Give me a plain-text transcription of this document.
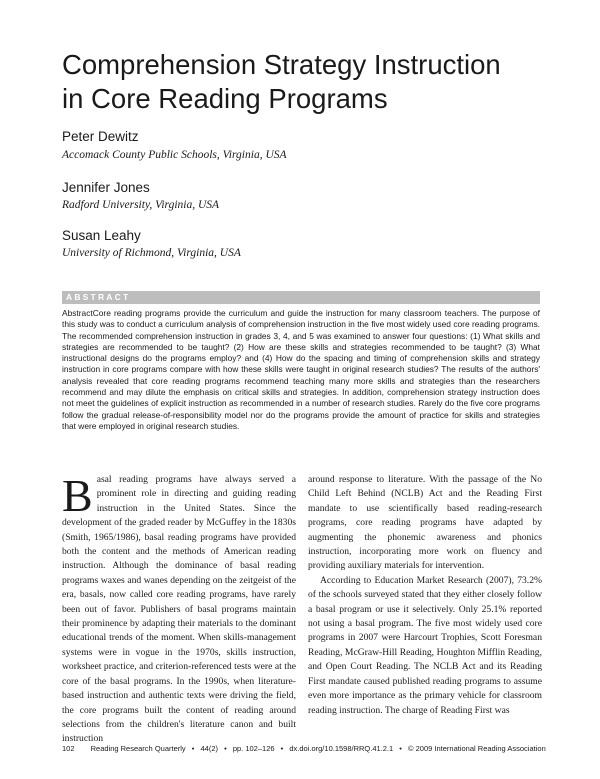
Comprehension Strategy Instruction
in Core Reading Programs
Peter Dewitz
Accomack County Public Schools, Virginia, USA
Jennifer Jones
Radford University, Virginia, USA
Susan Leahy
University of Richmond, Virginia, USA
ABSTRACT

AbstractCore reading programs provide the curriculum and guide the instruction for many classroom teachers. The purpose of this study was to conduct a curriculum analysis of comprehension instruction in the five most widely used core reading programs. The recommended comprehension instruction in grades 3, 4, and 5 was examined to answer four questions: (1) What skills and strategies are recommended to be taught? (2) How are these skills and strategies recommended to be taught? (3) What instructional designs do the programs employ? and (4) How do the spacing and timing of comprehension skills and strategy instruction in core programs compare with how these skills were taught in original research studies? The results of the authors' analysis revealed that core reading programs recommend teaching many more skills and strategies than the researchers recommend and may dilute the emphasis on critical skills and strategies. In addition, comprehension strategy instruction does not meet the guidelines of explicit instruction as recommended in a number of research studies. Rarely do the five core programs follow the gradual release-of-responsibility model nor do the programs provide the amount of practice for skills and strategies that were employed in original research studies.

Basal reading programs have always served a prominent role in directing and guiding reading instruction in the United States. Since the development of the graded reader by McGuffey in the 1830s (Smith, 1965/1986), basal reading programs have provided both the content and the methods of American reading instruction. Although the dominance of basal reading programs waxes and wanes depending on the zeitgeist of the era, basals, now called core reading programs, have rarely been out of favor. Publishers of basal programs maintain their prominence by adapting their materials to the dominant educational trends of the moment. When skills-management systems were in vogue in the 1970s, skills instruction, worksheet practice, and criterion-referenced tests were at the core of the basal programs. In the 1990s, when literature-based instruction and authentic texts were driving the field, the core programs built the content of reading around selections from the children's literature canon and built instruction
around response to literature. With the passage of the No Child Left Behind (NCLB) Act and the Reading First mandate to use scientifically based reading-research programs, core reading programs have adapted by augmenting the phonemic awareness and phonics instruction, incorporating more work on fluency and providing auxiliary materials for intervention.
According to Education Market Research (2007), 73.2% of the schools surveyed stated that they either closely follow a basal program or use it selectively. Only 25.1% reported not using a basal program. The five most widely used core programs in 2007 were Harcourt Trophies, Scott Foresman Reading, McGraw-Hill Reading, Houghton Mifflin Reading, and Open Court Reading. The NCLB Act and its Reading First mandate caused published reading programs to assume even more importance as the primary vehicle for classroom reading instruction. The charge of Reading First was
102 Reading Research Quarterly • 44(2) • pp. 102–126 • dx.doi.org/10.1598/RRQ.41.2.1 • © 2009 International Reading Association
